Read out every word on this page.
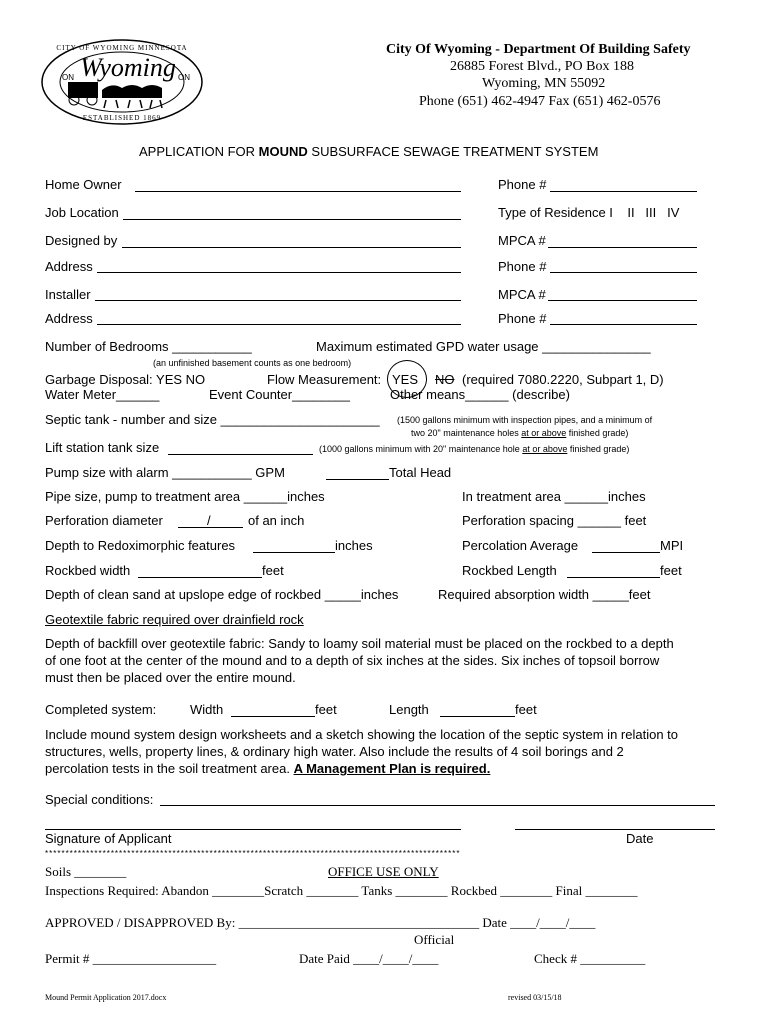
CITY OF WYOMING MINNESOTA
ESTABLISHED 1869
Wyoming
ON	ON
City Of Wyoming - Department Of Building Safety
26885 Forest Blvd., PO Box 188
Wyoming, MN 55092
Phone (651) 462-4947 Fax (651) 462-0576
APPLICATION FOR MOUND SUBSURFACE SEWAGE TREATMENT SYSTEM
Home Owner	Phone #
Job Location	Type of Residence I    II   III   IV
Designed by	MPCA #
Address	Phone #
Installer	MPCA #
Address	Phone #
Number of Bedrooms ___________	Maximum estimated GPD water usage _______________
(an unfinished basement counts as one bedroom)
Garbage Disposal: YES NO	Flow Measurement: YES NO (required 7080.2220, Subpart 1, D)
Water Meter______	Event Counter________	Other means______ (describe)
Septic tank - number and size ______________________ (1500 gallons minimum with inspection pipes, and a minimum of
two 20" maintenance holes at or above finished grade)
Lift station tank size	(1000 gallons minimum with 20" maintenance hole at or above finished grade)
Pump size with alarm ___________ GPM	Total Head
Pipe size, pump to treatment area ______inches	In treatment area ______inches
Perforation diameter	/	of an inch	Perforation spacing ______ feet
Depth to Redoximorphic features	inches	Percolation Average	MPI
Rockbed width	feet	Rockbed Length	feet
Depth of clean sand at upslope edge of rockbed _____inches	Required absorption width _____feet
Geotextile fabric required over drainfield rock
Depth of backfill over geotextile fabric: Sandy to loamy soil material must be placed on the rockbed to a depth
of one foot at the center of the mound and to a depth of six inches at the sides. Six inches of topsoil borrow
must then be placed over the entire mound.
Completed system:	Width	feet	Length	feet
Include mound system design worksheets and a sketch showing the location of the septic system in relation to
structures, wells, property lines, & ordinary high water. Also include the results of 4 soil borings and 2
percolation tests in the soil treatment area. A Management Plan is required.
Special conditions:
Signature of Applicant	Date
*****************************************************************************************************
Soils ________	OFFICE USE ONLY
Inspections Required: Abandon ________Scratch ________ Tanks ________ Rockbed ________ Final ________
APPROVED / DISAPPROVED By: _____________________________________ Date ____/____/____
Official
Permit # ___________________	Date Paid ____/____/____	Check # __________
Mound Permit Application 2017.docx	revised 03/15/18
